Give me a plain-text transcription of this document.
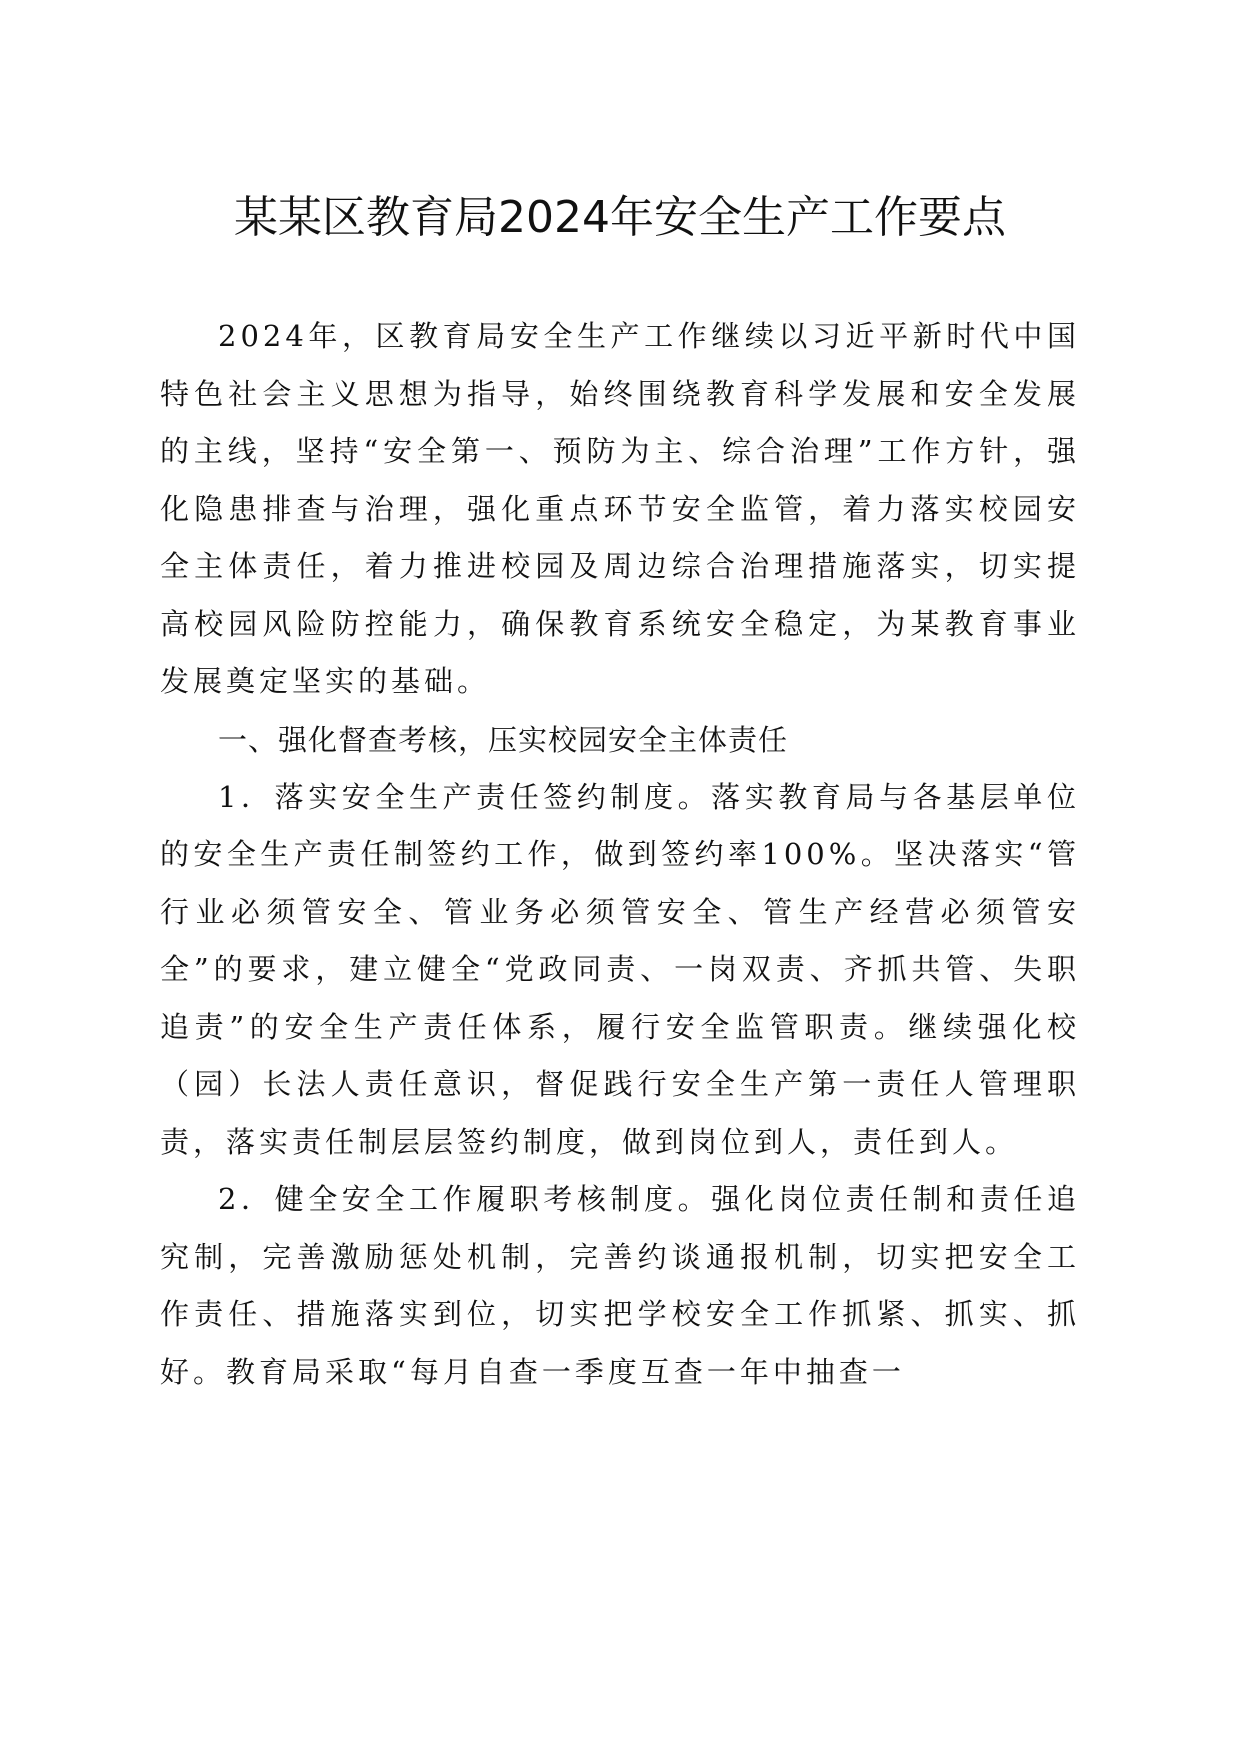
某某区教育局2024年安全生产工作要点

2024年，区教育局安全生产工作继续以习近平新时代中国特色社会主义思想为指导，始终围绕教育科学发展和安全发展的主线，坚持“安全第一、预防为主、综合治理”工作方针，强化隐患排查与治理，强化重点环节安全监管，着力落实校园安全主体责任，着力推进校园及周边综合治理措施落实，切实提高校园风险防控能力，确保教育系统安全稳定，为某教育事业发展奠定坚实的基础。

一、强化督查考核，压实校园安全主体责任

1．落实安全生产责任签约制度。落实教育局与各基层单位的安全生产责任制签约工作，做到签约率100%。坚决落实“管行业必须管安全、管业务必须管安全、管生产经营必须管安全”的要求，建立健全“党政同责、一岗双责、齐抓共管、失职追责”的安全生产责任体系，履行安全监管职责。继续强化校（园）长法人责任意识，督促践行安全生产第一责任人管理职责，落实责任制层层签约制度，做到岗位到人，责任到人。

2．健全安全工作履职考核制度。强化岗位责任制和责任追究制，完善激励惩处机制，完善约谈通报机制，切实把安全工作责任、措施落实到位，切实把学校安全工作抓紧、抓实、抓好。教育局采取“每月自查一季度互查一年中抽查一
